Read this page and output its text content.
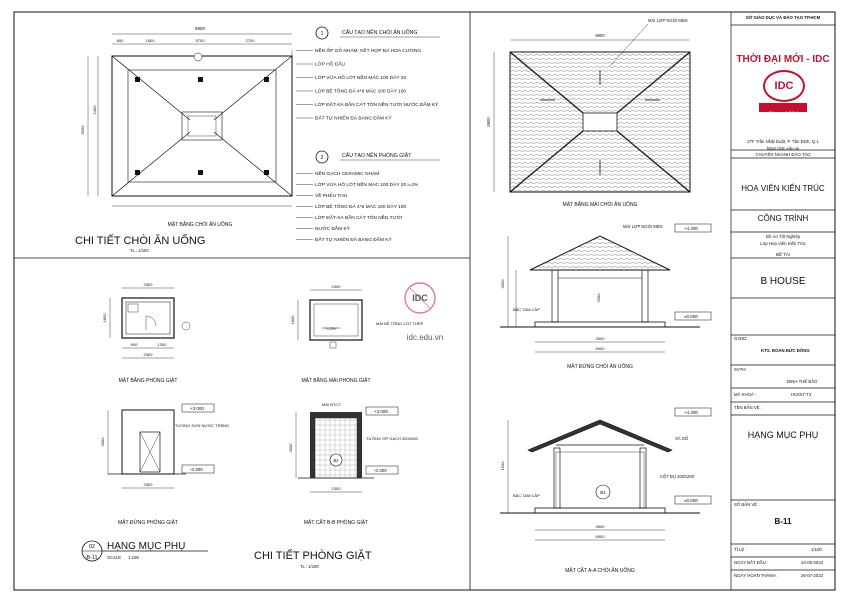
6900
5700
600	1500	2700
6900
2400
MẶT BẰNG CHÒI ĂN UỐNG
1	CẤU TẠO NỀN CHÒI ĂN UỐNG
NỀN ỐP GỖ NHÁM, KẾT HỢP ĐÁ HOA CƯƠNG
LỚP HỒ DẦU
LỚP VỮA HỒ LÓT NỀN MÁC 100 DÀY 20
LỚP BÊ TÔNG ĐÁ 4*6 MÁC 100 DÀY 100
LỚP ĐẤT-XÀ BẦN CÁT TÔN NỀN TƯỚI NƯỚC ĐẦM KỸ
ĐẤT TỰ NHIÊN ĐÃ BANG ĐẦM KỸ
CHI TIẾT CHÒI ĂN UỐNG
TL : 1/100
2	CẤU TẠO NỀN PHÒNG GIẶT
NỀN GẠCH CERAMIC NHÁM
LỚP VỮA HỒ LÓT NỀN MÁC 100 DÀY 20 i=2%
VỀ PHỄU THU
LỚP BÊ TÔNG ĐÁ 4*6 MÁC 100 DÀY 100
LỚP ĐẤT-XÀ BẦN CÁT TÔN NỀN TƯỚI
NƯỚC ĐẦM KỸ
ĐẤT TỰ NHIÊN ĐÃ BANG ĐẦM KỸ
6900
6900
MÁI LỢP NGÓI MEN
MẶT BẰNG MÁI CHÒI ĂN UỐNG
4500
6900
4500
2500
MÁI LỢP NGÓI MEN	+4.300
±0.000
BẬC TAM CẤP
MẶT ĐỨNG CHÒI ĂN UỐNG
B1
4500
6900
1500
+4.300
±0.000
XÀ GỖ
CỘT ĐỤ 200X200
BẬC TAM CẤP
MẶT CẮT A-A CHÒI ĂN UỐNG
2300
1800
900	1300
2300
MẶT BẰNG PHÒNG GIẶT
i=2%
MÁI BÊ TÔNG CỐT THÉP
2300
1800
MẶT BẰNG MÁI PHÒNG GIẶT
3000
2300
TƯỜNG SƠN NƯỚC TRẮNG
+3.000
-0.300
MẶT ĐỨNG PHÒNG GIẶT
B2
3000
2300
MÁI BTCT
TƯỜNG ỐP GẠCH 300X600
+3.000
-0.300
MẶT CẮT B-B PHÒNG GIẶT
IDC
idc.edu.vn
02
B-11
HẠNG MỤC PHỤ
SCALE 1:100	CHI TIẾT PHÒNG GIẶT
TL : 1/100
SỞ GIÁO DỤC VÀ ĐÀO TẠO TP.HCM
THỜI ĐẠI MỚI - IDC
IDC
Since 1994
27F Trần Nhật Duật, P. Tân Định, Q.1
https://idc.edu.vn
CHUYÊN NGÀNH ĐÀO TẠO
HOẠ VIÊN KIẾN TRÚC
CÔNG TRÌNH
Đồ Án Tốt Nghiệp
Lớp Hoạ Viên Kiến Trúc
ĐỀ TÀI
B HOUSE
GVHD:
KTS. ĐOÀN ĐỨC ĐÔNG
SVTH:
ĐINH THẾ BẢO
MÃ KHOÁ :	HCK67-T3
TÊN BẢN VẼ :
HẠNG MỤC PHỤ
SỐ BẢN VẼ :
B-11
TỈ LỆ :	1/100
NGÀY BẮT ĐẦU :	24-05-2023
NGÀY HOÀN THÀNH :	26-07-2023
